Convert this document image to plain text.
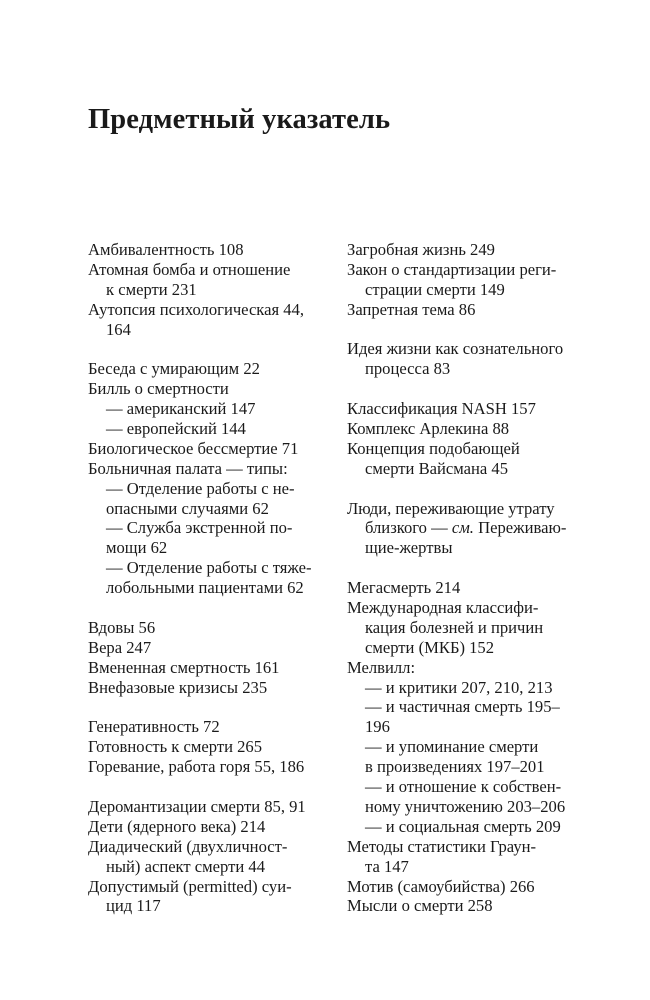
Предметный указатель
Амбивалентность 108
Атомная бомба и отношение
к смерти 231
Аутопсия психологическая 44,
164
Беседа с умирающим 22
Билль о смертности
— американский 147
— европейский 144
Биологическое бессмертие 71
Больничная палата — типы:
— Отделение работы с не-
опасными случаями 62
— Служба экстренной по-
мощи 62
— Отделение работы с тяже-
лобольными пациентами 62
Вдовы 56
Вера 247
Вмененная смертность 161
Внефазовые кризисы 235
Генеративность 72
Готовность к смерти 265
Горевание, работа горя 55, 186
Деромантизации смерти 85, 91
Дети (ядерного века) 214
Диадический (двухличност-
ный) аспект смерти 44
Допустимый (permitted) суи-
цид 117
Загробная жизнь 249
Закон о стандартизации реги-
страции смерти 149
Запретная тема 86
Идея жизни как сознательного
процесса 83
Классификация NASH 157
Комплекс Арлекина 88
Концепция подобающей
смерти Вайсмана 45
Люди, переживающие утрату
близкого — см. Переживаю-
щие-жертвы
Мегасмерть 214
Международная классифи-
кация болезней и причин
смерти (МКБ) 152
Мелвилл:
— и критики 207, 210, 213
— и частичная смерть 195–
196
— и упоминание смерти
в произведениях 197–201
— и отношение к собствен-
ному уничтожению 203–206
— и социальная смерть 209
Методы статистики Граун-
та 147
Мотив (самоубийства) 266
Мысли о смерти 258
